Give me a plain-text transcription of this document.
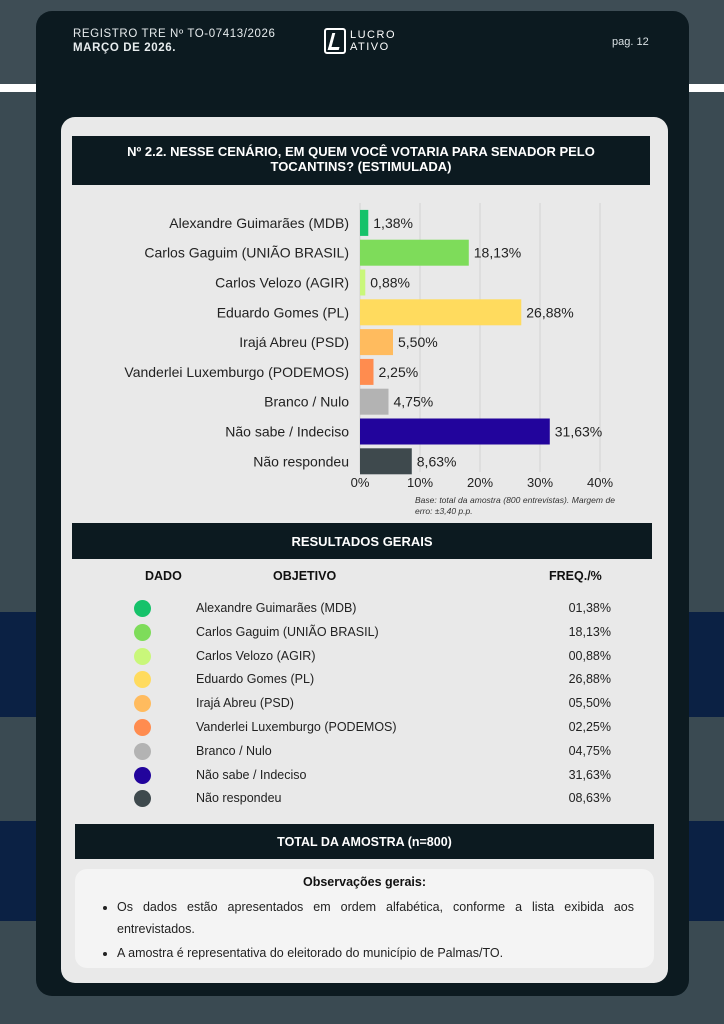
REGISTRO TRE Nº TO-07413/2026
MARÇO DE 2026.
LUCRO
ATIVO	pag. 12
Nº 2.2. NESSE CENÁRIO, EM QUEM VOCÊ VOTARIA PARA SENADOR PELO TOCANTINS? (ESTIMULADA)
0%	10%	20%	30%	40%
Alexandre Guimarães (MDB) 1,38%
Carlos Gaguim (UNIÃO BRASIL)	18,13%
Carlos Velozo (AGIR) 0,88%
Eduardo Gomes (PL)	26,88%
Irajá Abreu (PSD)	5,50%
Vanderlei Luxemburgo (PODEMOS) 2,25%
Branco / Nulo	4,75%
Não sabe / Indeciso	31,63%
Não respondeu	8,63%
Base: total da amostra (800 entrevistas). Margem de erro: ±3,40 p.p.
RESULTADOS GERAIS
DADO	OBJETIVO	FREQ./%
Alexandre Guimarães (MDB)	01,38%
Carlos Gaguim (UNIÃO BRASIL)	18,13%
Carlos Velozo (AGIR)	00,88%
Eduardo Gomes (PL)	26,88%
Irajá Abreu (PSD)	05,50%
Vanderlei Luxemburgo (PODEMOS)	02,25%
Branco / Nulo	04,75%
Não sabe / Indeciso	31,63%
Não respondeu	08,63%
TOTAL DA AMOSTRA (n=800)
Observações gerais:
• Os dados estão apresentados em ordem alfabética, conforme a lista exibida aos entrevistados.
• A amostra é representativa do eleitorado do município de Palmas/TO.
